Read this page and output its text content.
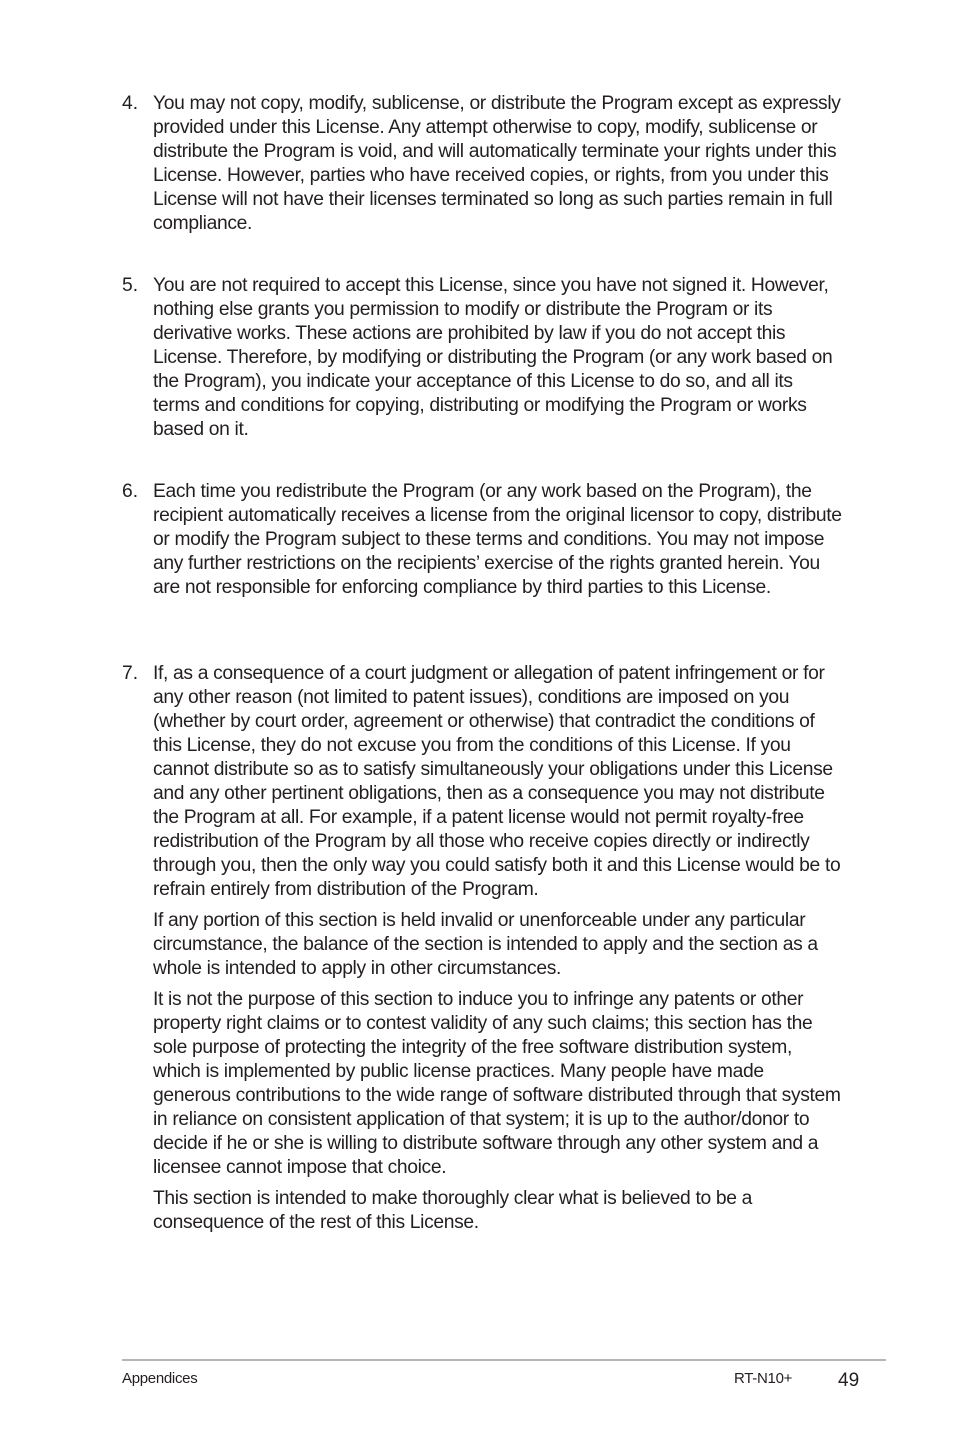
4. You may not copy, modify, sublicense, or distribute the Program except as expressly provided under this License. Any attempt otherwise to copy, modify, sublicense or distribute the Program is void, and will automatically terminate your rights under this License. However, parties who have received copies, or rights, from you under this License will not have their licenses terminated so long as such parties remain in full compliance.

5. You are not required to accept this License, since you have not signed it. However, nothing else grants you permission to modify or distribute the Program or its derivative works. These actions are prohibited by law if you do not accept this License. Therefore, by modifying or distributing the Program (or any work based on the Program), you indicate your acceptance of this License to do so, and all its terms and conditions for copying, distributing or modifying the Program or works based on it.

6. Each time you redistribute the Program (or any work based on the Program), the recipient automatically receives a license from the original licensor to copy, distribute or modify the Program subject to these terms and conditions. You may not impose any further restrictions on the recipients’ exercise of the rights granted herein. You are not responsible for enforcing compliance by third parties to this License.

7. If, as a consequence of a court judgment or allegation of patent infringement or for any other reason (not limited to patent issues), conditions are imposed on you (whether by court order, agreement or otherwise) that contradict the conditions of this License, they do not excuse you from the conditions of this License. If you cannot distribute so as to satisfy simultaneously your obligations under this License and any other pertinent obligations, then as a consequence you may not distribute the Program at all. For example, if a patent license would not permit royalty-free redistribution of the Program by all those who receive copies directly or indirectly through you, then the only way you could satisfy both it and this License would be to refrain entirely from distribution of the Program.

If any portion of this section is held invalid or unenforceable under any particular circumstance, the balance of the section is intended to apply and the section as a whole is intended to apply in other circumstances.

It is not the purpose of this section to induce you to infringe any patents or other property right claims or to contest validity of any such claims; this section has the sole purpose of protecting the integrity of the free software distribution system, which is implemented by public license practices. Many people have made generous contributions to the wide range of software distributed through that system in reliance on consistent application of that system; it is up to the author/donor to decide if he or she is willing to distribute software through any other system and a licensee cannot impose that choice.

This section is intended to make thoroughly clear what is believed to be a consequence of the rest of this License.

Appendices	RT-N10+ 49
